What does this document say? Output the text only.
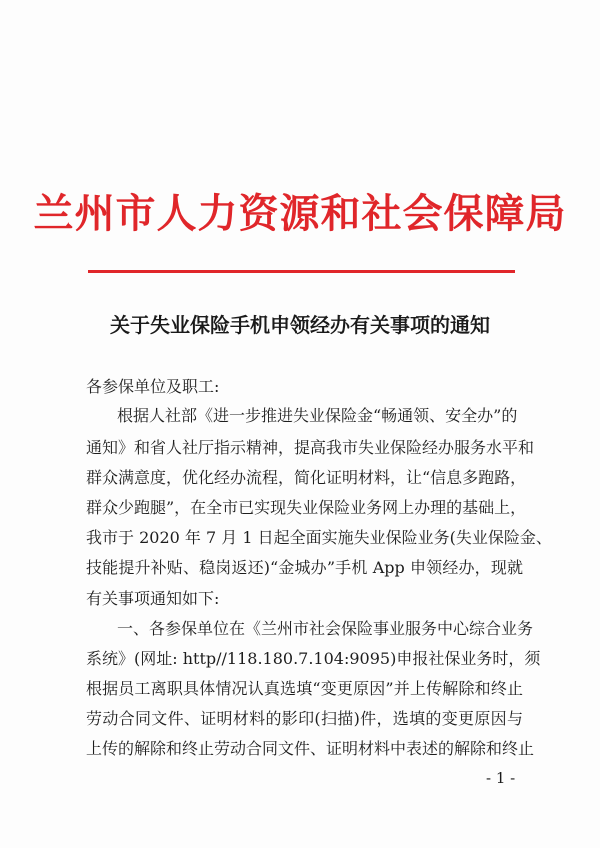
兰州市人力资源和社会保障局
关于失业保险手机申领经办有关事项的通知
各参保单位及职工:
根据人社部《进一步推进失业保险金“畅通领、安全办”的
通知》和省人社厅指示精神，提高我市失业保险经办服务水平和
群众满意度，优化经办流程，简化证明材料，让“信息多跑路，
群众少跑腿”，在全市已实现失业保险业务网上办理的基础上，
我市于 2020 年 7 月 1 日起全面实施失业保险业务(失业保险金、
技能提升补贴、稳岗返还)“金城办”手机 App 申领经办，现就
有关事项通知如下:
一、各参保单位在《兰州市社会保险事业服务中心综合业务
系统》(网址: http//118.180.7.104:9095)申报社保业务时，须
根据员工离职具体情况认真选填“变更原因”并上传解除和终止
劳动合同文件、证明材料的影印(扫描)件，选填的变更原因与
上传的解除和终止劳动合同文件、证明材料中表述的解除和终止
- 1 -
